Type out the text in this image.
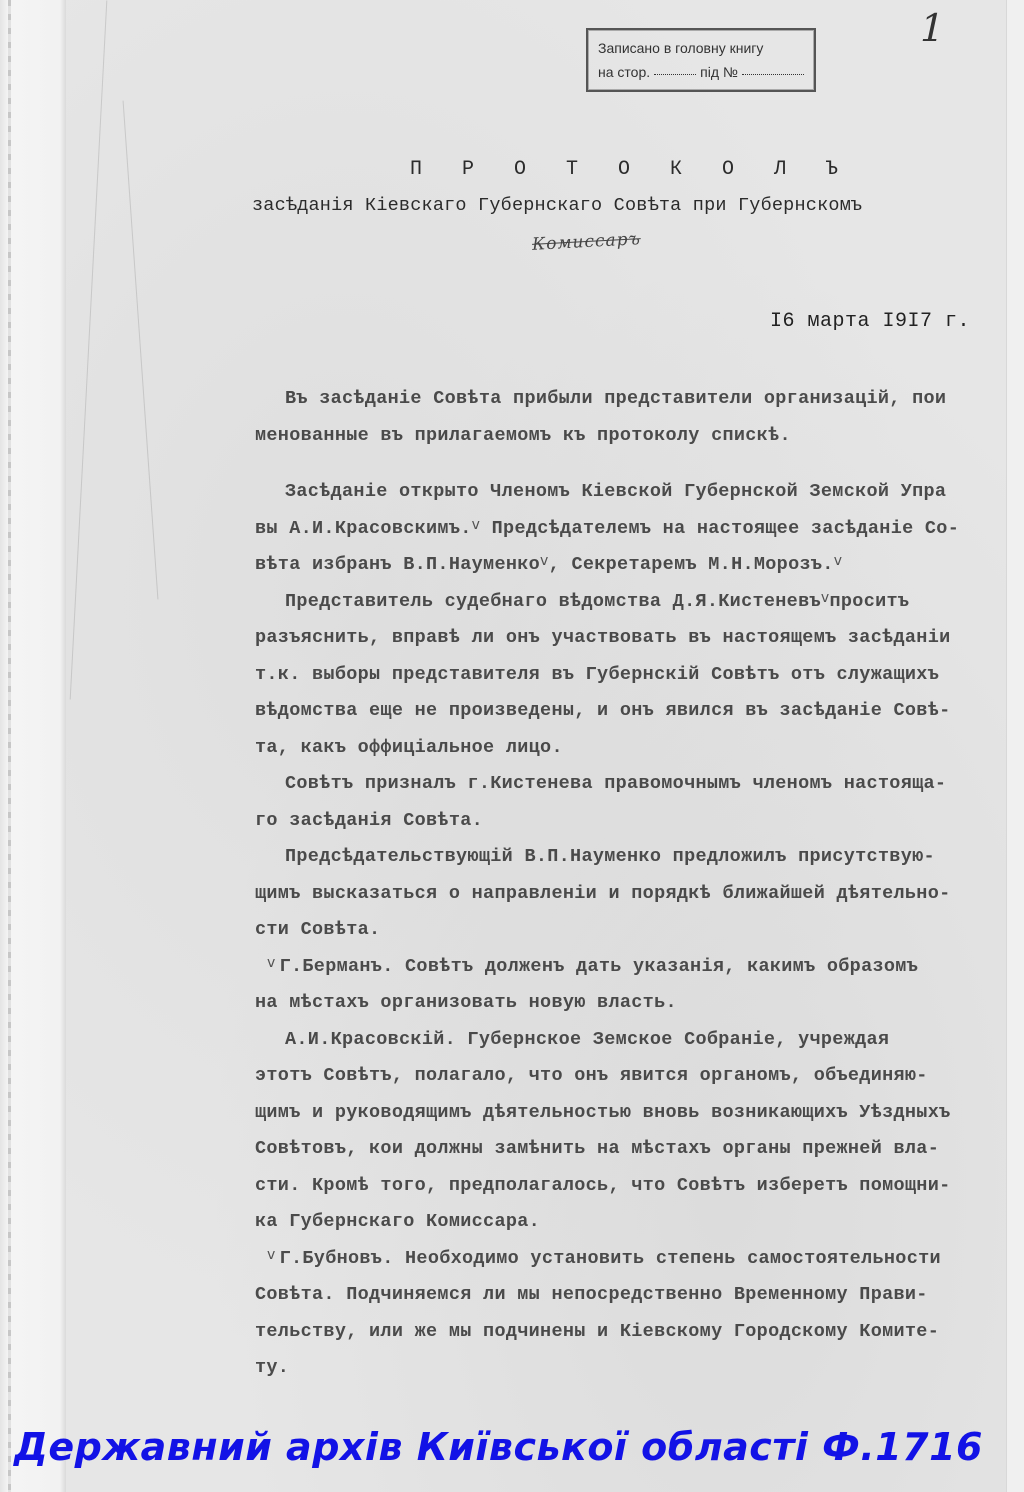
Записано в головну книгу
на стор.	під №
1
П Р О Т О К О Л Ъ
засѣданія Кіевскаго Губернскаго Совѣта при Губернскомъ
Комиссаръ
I6 марта I9I7 г.
Въ засѣданіе Совѣта прибыли представители организацій, пои
менованные въ прилагаемомъ къ протоколу спискѣ.
Засѣданіе открыто Членомъ Кіевской Губернской Земской Упра
вы А.И.Красовскимъ.$^v$ Предсѣдателемъ на настоящее засѣданіе Со-
вѣта избранъ В.П.Науменко$^v$, Секретаремъ М.Н.Морозъ.$^v$
Представитель судебнаго вѣдомства Д.Я.Кистеневъ$^v$проситъ
разъяснить, вправѣ ли онъ участвовать въ настоящемъ засѣданіи
т.к. выборы представителя въ Губернскій Совѣтъ отъ служащихъ
вѣдомства еще не произведены, и онъ явился въ засѣданіе Совѣ-
та, какъ оффиціальное лицо.
Совѣтъ призналъ г.Кистенева правомочнымъ членомъ настояща-
го засѣданія Совѣта.
Предсѣдательствующій В.П.Науменко предложилъ присутствую-
щимъ высказаться о направленіи и порядкѣ ближайшей дѣятельно-
сти Совѣта.
$^v$ Г.Берманъ. Совѣтъ долженъ дать указанія, какимъ образомъ
на мѣстахъ организовать новую власть.
А.И.Красовскій. Губернское Земское Собраніе, учреждая
этотъ Совѣтъ, полагало, что онъ явится органомъ, объединяю-
щимъ и руководящимъ дѣятельностью вновь возникающихъ Уѣздныхъ
Совѣтовъ, кои должны замѣнить на мѣстахъ органы прежней вла-
сти. Кромѣ того, предполагалось, что Совѣтъ изберетъ помощни-
ка Губернскаго Комиссара.
$^v$ Г.Бубновъ. Необходимо установить степень самостоятельности
Совѣта. Подчиняемся ли мы непосредственно Временному Прави-
тельству, или же мы подчинены и Кіевскому Городскому Комите-
ту.
Державний архів Київської області Ф.1716
